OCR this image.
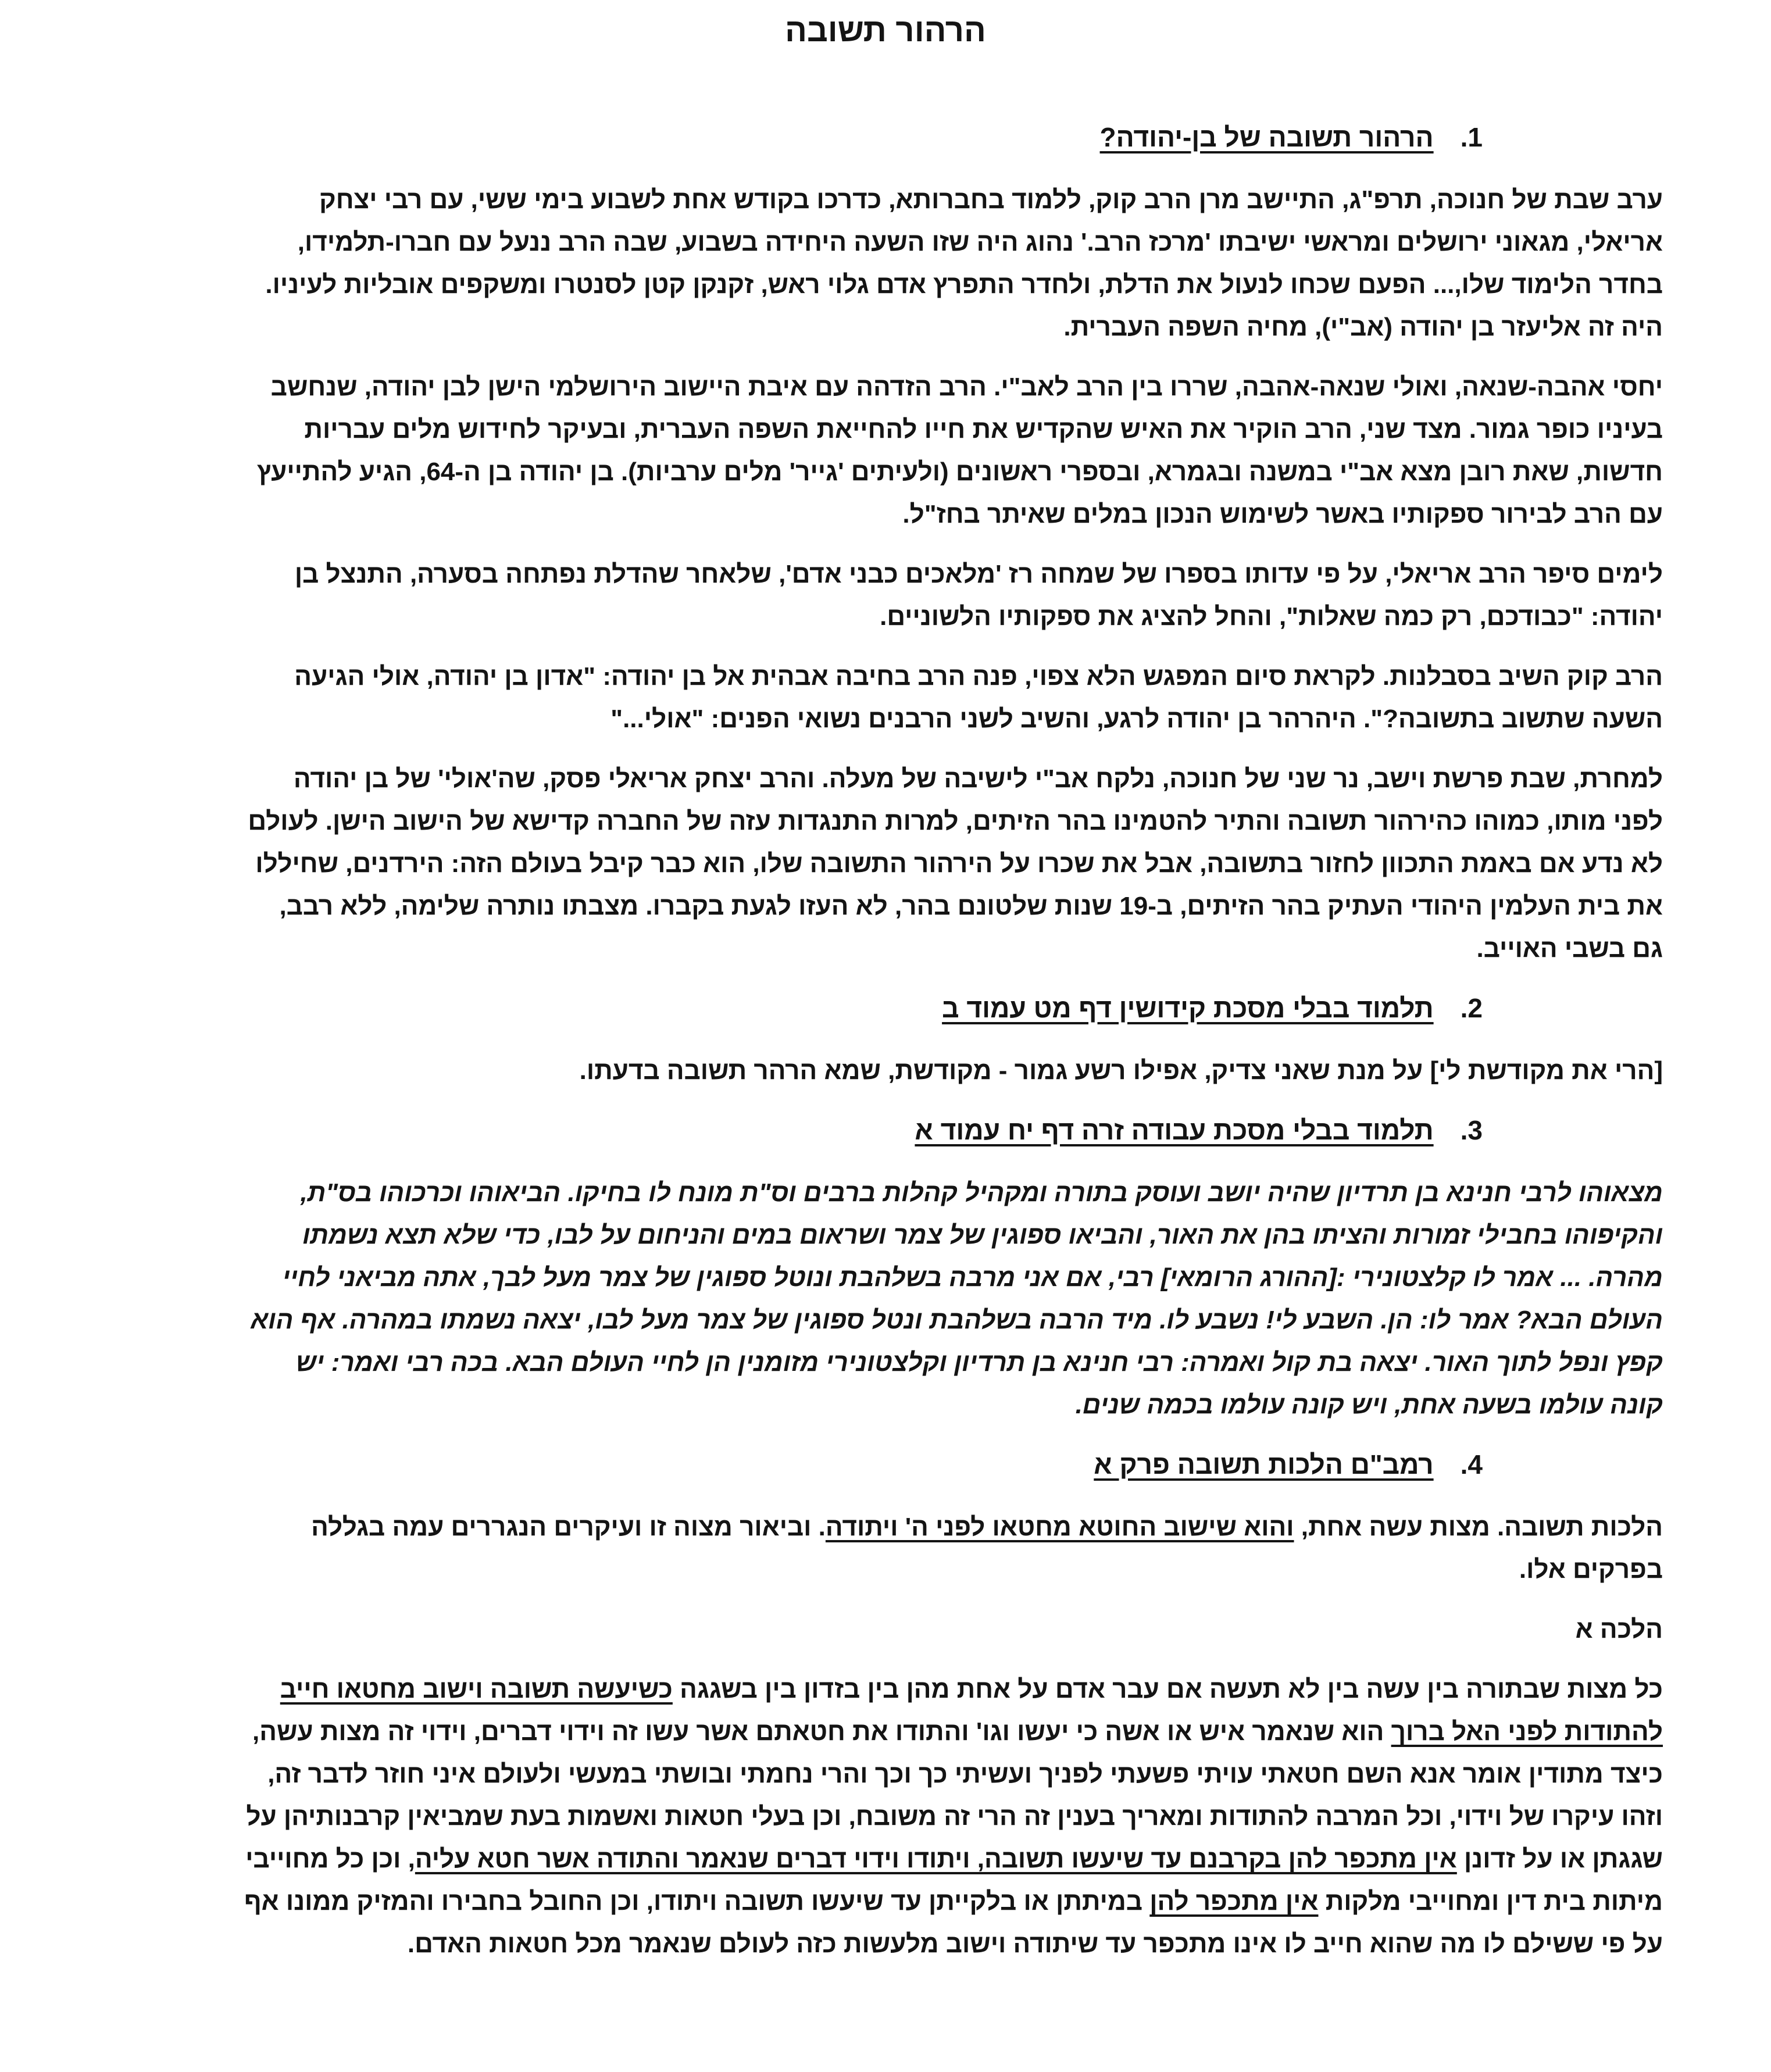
הרהור תשובה
1.הרהור תשובה של בן-יהודה?

ערב שבת של חנוכה, תרפ"ג, התיישב מרן הרב קוק, ללמוד בחברותא, כדרכו בקודש אחת לשבוע בימי ששי, עם רבי יצחק אריאלי, מגאוני ירושלים ומראשי ישיבתו 'מרכז הרב.' נהוג היה שזו השעה היחידה בשבוע, שבה הרב ננעל עם חברו-תלמידו, בחדר הלימוד שלו,... הפעם שכחו לנעול את הדלת, ולחדר התפרץ אדם גלוי ראש, זקנקן קטן לסנטרו ומשקפים אובליות לעיניו. היה זה אליעזר בן יהודה (אב"י), מחיה השפה העברית.

יחסי אהבה-שנאה, ואולי שנאה-אהבה, שררו בין הרב לאב"י. הרב הזדהה עם איבת היישוב הירושלמי הישן לבן יהודה, שנחשב בעיניו כופר גמור. מצד שני, הרב הוקיר את האיש שהקדיש את חייו להחייאת השפה העברית, ובעיקר לחידוש מלים עבריות חדשות, שאת רובן מצא אב"י במשנה ובגמרא, ובספרי ראשונים (ולעיתים 'גייר' מלים ערביות). בן יהודה בן ה-64, הגיע להתייעץ עם הרב לבירור ספקותיו באשר לשימוש הנכון במלים שאיתר בחז"ל.

לימים סיפר הרב אריאלי, על פי עדותו בספרו של שמחה רז 'מלאכים כבני אדם', שלאחר שהדלת נפתחה בסערה, התנצל בן יהודה: "כבודכם, רק כמה שאלות", והחל להציג את ספקותיו הלשוניים.

הרב קוק השיב בסבלנות. לקראת סיום המפגש הלא צפוי, פנה הרב בחיבה אבהית אל בן יהודה: "אדון בן יהודה, אולי הגיעה השעה שתשוב בתשובה?". היהרהר בן יהודה לרגע, והשיב לשני הרבנים נשואי הפנים: "אולי..."

למחרת, שבת פרשת וישב, נר שני של חנוכה, נלקח אב"י לישיבה של מעלה. והרב יצחק אריאלי פסק, שה'אולי' של בן יהודה לפני מותו, כמוהו כהירהור תשובה והתיר להטמינו בהר הזיתים, למרות התנגדות עזה של החברה קדישא של הישוב הישן. לעולם לא נדע אם באמת התכוון לחזור בתשובה, אבל את שכרו על הירהור התשובה שלו, הוא כבר קיבל בעולם הזה: הירדנים, שחיללו את בית העלמין היהודי העתיק בהר הזיתים, ב-19 שנות שלטונם בהר, לא העזו לגעת בקברו. מצבתו נותרה שלימה, ללא רבב, גם בשבי האוייב.

2.תלמוד בבלי מסכת קידושין דף מט עמוד ב

[הרי את מקודשת לי] על מנת שאני צדיק, אפילו רשע גמור - מקודשת, שמא הרהר תשובה בדעתו.

3.תלמוד בבלי מסכת עבודה זרה דף יח עמוד א

מצאוהו לרבי חנינא בן תרדיון שהיה יושב ועוסק בתורה ומקהיל קהלות ברבים וס"ת מונח לו בחיקו. הביאוהו וכרכוהו בס"ת, והקיפוהו בחבילי זמורות והציתו בהן את האור, והביאו ספוגין של צמר ושראום במים והניחום על לבו, כדי שלא תצא נשמתו מהרה. ... אמר לו קלצטונירי :[ההורג הרומאי] רבי, אם אני מרבה בשלהבת ונוטל ספוגין של צמר מעל לבך, אתה מביאני לחיי העולם הבא? אמר לו: הן. השבע לי! נשבע לו. מיד הרבה בשלהבת ונטל ספוגין של צמר מעל לבו, יצאה נשמתו במהרה. אף הוא קפץ ונפל לתוך האור. יצאה בת קול ואמרה: רבי חנינא בן תרדיון וקלצטונירי מזומנין הן לחיי העולם הבא. בכה רבי ואמר: יש קונה עולמו בשעה אחת, ויש קונה עולמו בכמה שנים.

4.רמב"ם הלכות תשובה פרק א

הלכות תשובה. מצות עשה אחת, והוא שישוב החוטא מחטאו לפני ה' ויתודה. וביאור מצוה זו ועיקרים הנגררים עמה בגללה בפרקים אלו.

הלכה א

כל מצות שבתורה בין עשה בין לא תעשה אם עבר אדם על אחת מהן בין בזדון בין בשגגה כשיעשה תשובה וישוב מחטאו חייב להתודות לפני האל ברוך הוא שנאמר איש או אשה כי יעשו וגו' והתודו את חטאתם אשר עשו זה וידוי דברים, וידוי זה מצות עשה, כיצד מתודין אומר אנא השם חטאתי עויתי פשעתי לפניך ועשיתי כך וכך והרי נחמתי ובושתי במעשי ולעולם איני חוזר לדבר זה, וזהו עיקרו של וידוי, וכל המרבה להתודות ומאריך בענין זה הרי זה משובח, וכן בעלי חטאות ואשמות בעת שמביאין קרבנותיהן על שגגתן או על זדונן אין מתכפר להן בקרבנם עד שיעשו תשובה, ויתודו וידוי דברים שנאמר והתודה אשר חטא עליה, וכן כל מחוייבי מיתות בית דין ומחוייבי מלקות אין מתכפר להן במיתתן או בלקייתן עד שיעשו תשובה ויתודו, וכן החובל בחבירו והמזיק ממונו אף על פי ששילם לו מה שהוא חייב לו אינו מתכפר עד שיתודה וישוב מלעשות כזה לעולם שנאמר מכל חטאות האדם.
